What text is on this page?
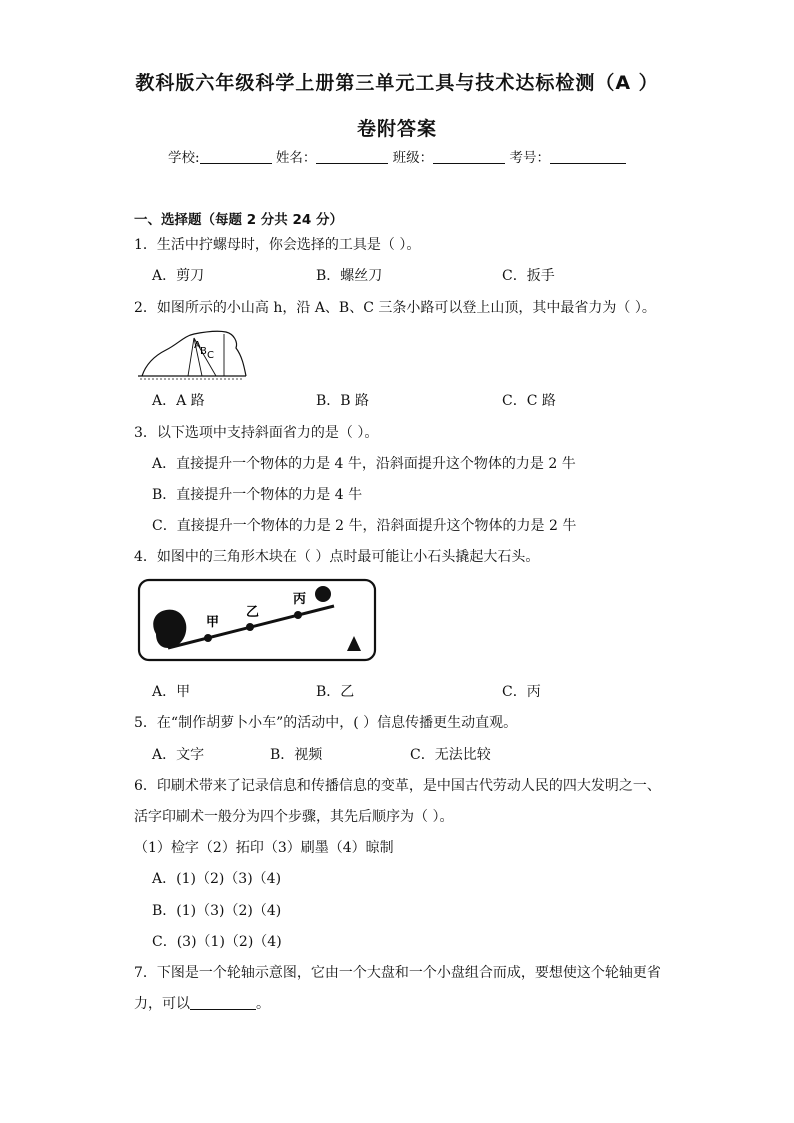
教科版六年级科学上册第三单元工具与技术达标检测（A ）
卷附答案
学校:	姓名：	班级：	考号：
一、选择题（每题 2 分共 24 分）
1．生活中拧螺母时，你会选择的工具是（ ）。
A．剪刀	B．螺丝刀	C．扳手
2．如图所示的小山高 h，沿 A、B、C 三条小路可以登上山顶，其中最省力为（ ）。
A
B C
A．A 路	B．B 路	C．C 路
3．以下选项中支持斜面省力的是（ ）。
A．直接提升一个物体的力是 4 牛，沿斜面提升这个物体的力是 2 牛
B．直接提升一个物体的力是 4 牛
C．直接提升一个物体的力是 2 牛，沿斜面提升这个物体的力是 2 牛
4．如图中的三角形木块在（ ）点时最可能让小石头撬起大石头。
甲
乙
丙
A．甲	B．乙	C．丙
5．在“制作胡萝卜小车”的活动中，( ）信息传播更生动直观。
A．文字	B．视频	C．无法比较
6．印刷术带来了记录信息和传播信息的变革，是中国古代劳动人民的四大发明之一、
活字印刷术一般分为四个步骤，其先后顺序为（ ）。
（1）检字（2）拓印（3）刷墨（4）晾制
A．(1)（2)（3)（4)
B．(1)（3)（2)（4)
C．(3)（1)（2)（4)
7．下图是一个轮轴示意图，它由一个大盘和一个小盘组合而成，要想使这个轮轴更省
力，可以	。
